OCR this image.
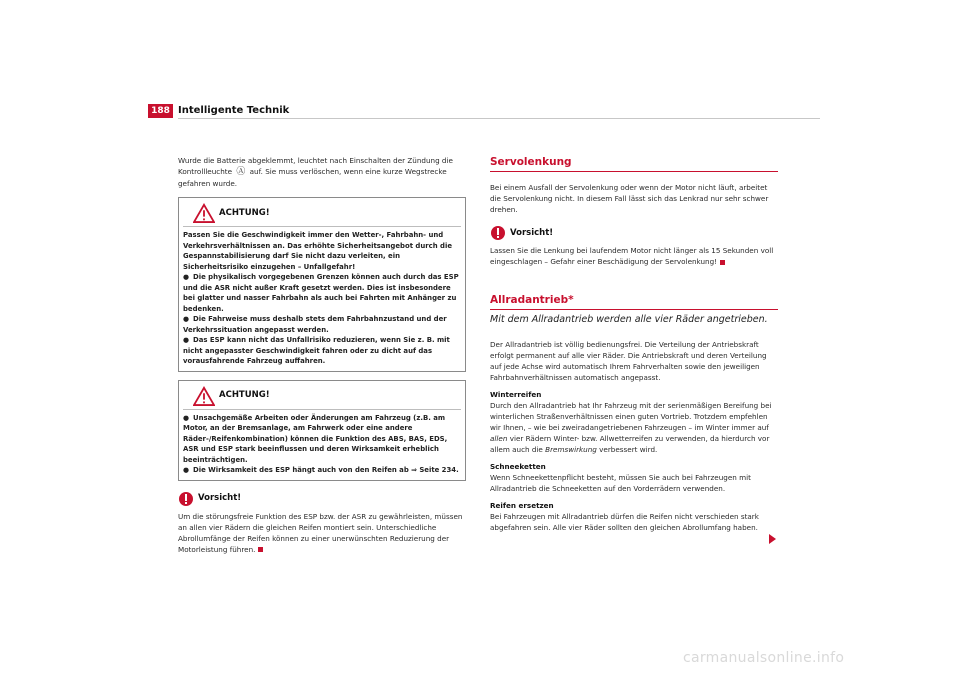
188 Intelligente Technik
Wurde die Batterie abgeklemmt, leuchtet nach Einschalten der Zündung die
Kontrollleuchte Ⓐ auf. Sie muss verlöschen, wenn eine kurze Wegstrecke
gefahren wurde.
ACHTUNG!
Passen Sie die Geschwindigkeit immer den Wetter-, Fahrbahn- und Verkehrsverhältnissen an. Das erhöhte Sicherheitsangebot durch die Gespannstabilisierung darf Sie nicht dazu verleiten, ein Sicherheitsrisiko einzugehen – Unfallgefahr!
● Die physikalisch vorgegebenen Grenzen können auch durch das ESP und die ASR nicht außer Kraft gesetzt werden. Dies ist insbesondere bei glatter und nasser Fahrbahn als auch bei Fahrten mit Anhänger zu bedenken.
● Die Fahrweise muss deshalb stets dem Fahrbahnzustand und der Verkehrssituation angepasst werden.
● Das ESP kann nicht das Unfallrisiko reduzieren, wenn Sie z. B. mit nicht angepasster Geschwindigkeit fahren oder zu dicht auf das vorausfahrende Fahrzeug auffahren.
ACHTUNG!
● Unsachgemäße Arbeiten oder Änderungen am Fahrzeug (z.B. am Motor, an der Bremsanlage, am Fahrwerk oder eine andere Räder-/Reifenkombination) können die Funktion des ABS, BAS, EDS, ASR und ESP stark beeinflussen und deren Wirksamkeit erheblich beeinträchtigen.
● Die Wirksamkeit des ESP hängt auch von den Reifen ab ⇒ Seite 234.
Vorsicht!
Um die störungsfreie Funktion des ESP bzw. der ASR zu gewährleisten, müssen an allen vier Rädern die gleichen Reifen montiert sein. Unterschiedliche Abrollumfänge der Reifen können zu einer unerwünschten Reduzierung der Motorleistung führen.
Servolenkung
Bei einem Ausfall der Servolenkung oder wenn der Motor nicht läuft, arbeitet die Servolenkung nicht. In diesem Fall lässt sich das Lenkrad nur sehr schwer drehen.
Vorsicht!
Lassen Sie die Lenkung bei laufendem Motor nicht länger als 15 Sekunden voll eingeschlagen – Gefahr einer Beschädigung der Servolenkung!
Allradantrieb*
Mit dem Allradantrieb werden alle vier Räder angetrieben.
Der Allradantrieb ist völlig bedienungsfrei. Die Verteilung der Antriebskraft erfolgt permanent auf alle vier Räder. Die Antriebskraft und deren Verteilung auf jede Achse wird automatisch Ihrem Fahrverhalten sowie den jeweiligen Fahrbahnverhältnissen automatisch angepasst.
Winterreifen
Durch den Allradantrieb hat Ihr Fahrzeug mit der serienmäßigen Bereifung bei winterlichen Straßenverhältnissen einen guten Vortrieb. Trotzdem empfehlen wir Ihnen, – wie bei zweiradangetriebenen Fahrzeugen – im Winter immer auf allen vier Rädern Winter- bzw. Allwetterreifen zu verwenden, da hierdurch vor allem auch die Bremswirkung verbessert wird.
Schneeketten
Wenn Schneekettenpflicht besteht, müssen Sie auch bei Fahrzeugen mit Allradantrieb die Schneeketten auf den Vorderrädern verwenden.
Reifen ersetzen
Bei Fahrzeugen mit Allradantrieb dürfen die Reifen nicht verschieden stark abgefahren sein. Alle vier Räder sollten den gleichen Abrollumfang haben.
carmanualsonline.info
